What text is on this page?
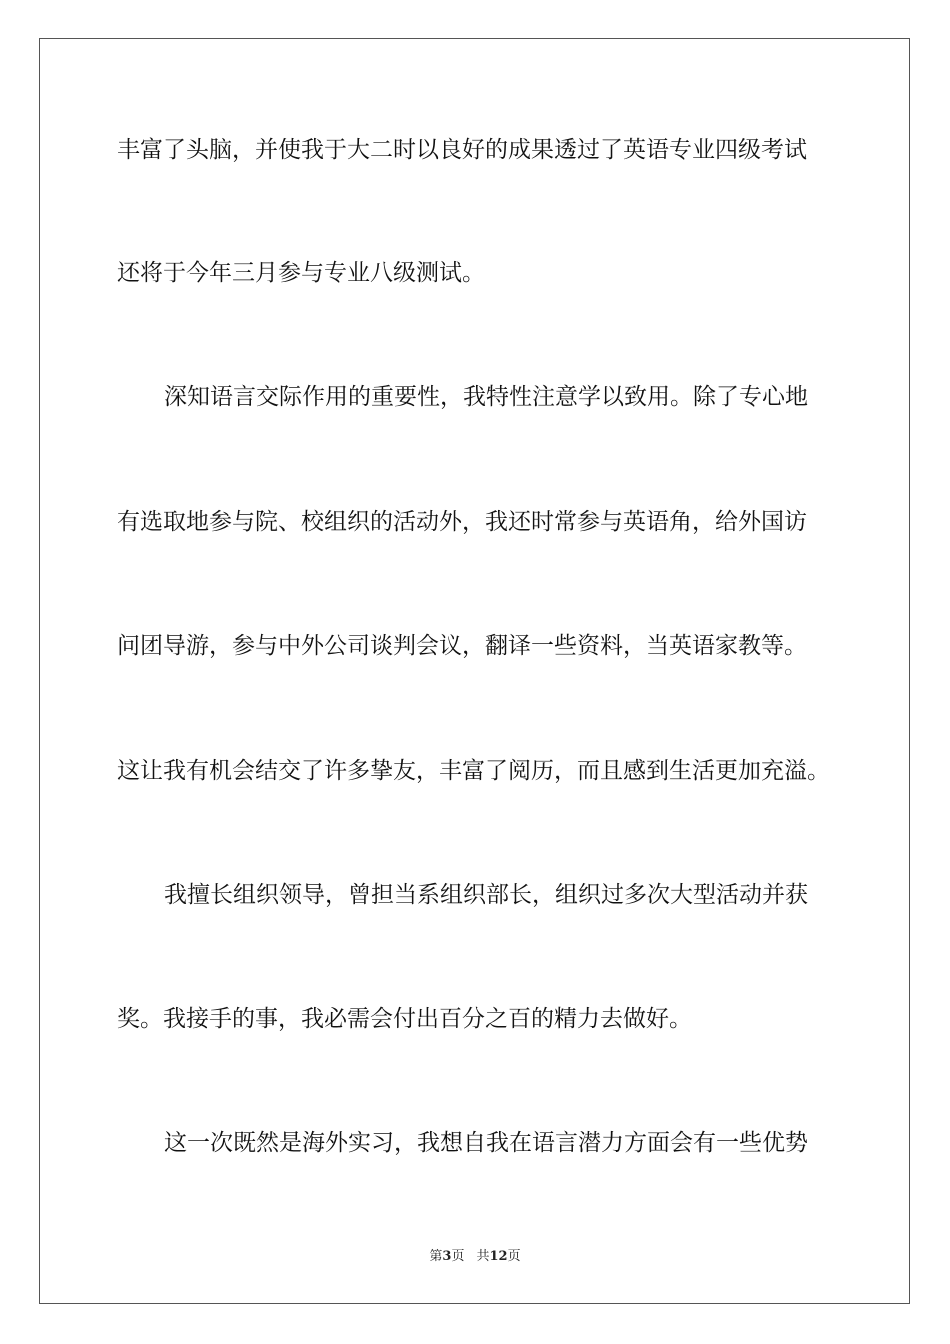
丰富了头脑，并使我于大二时以良好的成果透过了英语专业四级考试

还将于今年三月参与专业八级测试。

深知语言交际作用的重要性，我特性注意学以致用。除了专心地

有选取地参与院、校组织的活动外，我还时常参与英语角，给外国访

问团导游，参与中外公司谈判会议，翻译一些资料，当英语家教等。

这让我有机会结交了许多挚友，丰富了阅历，而且感到生活更加充溢。

我擅长组织领导，曾担当系组织部长，组织过多次大型活动并获

奖。我接手的事，我必需会付出百分之百的精力去做好。

这一次既然是海外实习，我想自我在语言潜力方面会有一些优势

第3页 共12页
